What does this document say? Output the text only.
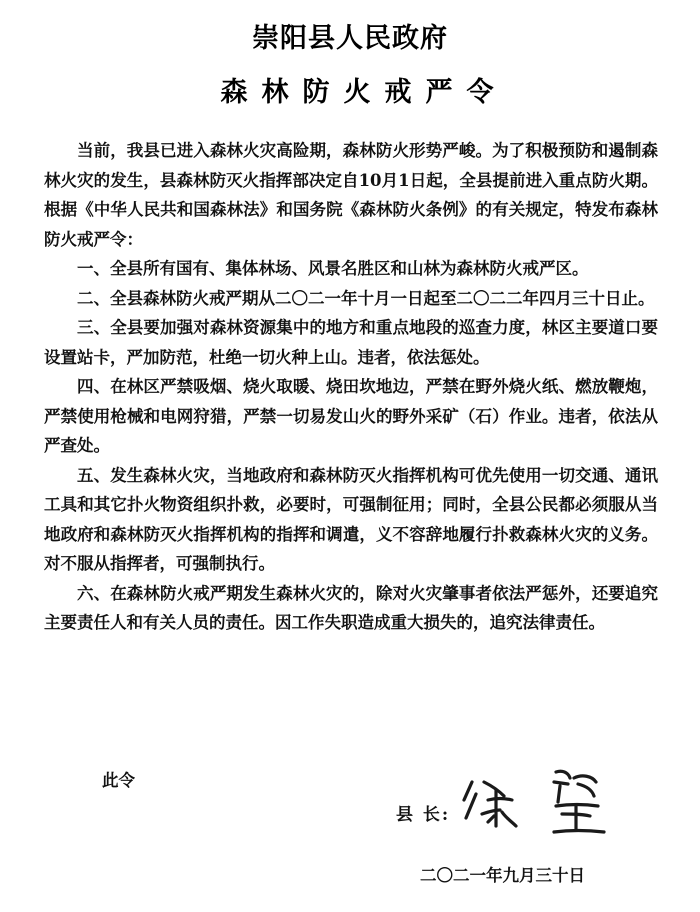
崇阳县人民政府
森林防火戒严令

当前，我县已进入森林火灾高险期，森林防火形势严峻。为了积极预防和遏制森林火灾的发生，县森林防灭火指挥部决定自10月1日起，全县提前进入重点防火期。根据《中华人民共和国森林法》和国务院《森林防火条例》的有关规定，特发布森林防火戒严令：

一、全县所有国有、集体林场、风景名胜区和山林为森林防火戒严区。

二、全县森林防火戒严期从二〇二一年十月一日起至二〇二二年四月三十日止。

三、全县要加强对森林资源集中的地方和重点地段的巡查力度，林区主要道口要设置站卡，严加防范，杜绝一切火种上山。违者，依法惩处。

四、在林区严禁吸烟、烧火取暖、烧田坎地边，严禁在野外烧火纸、燃放鞭炮，严禁使用枪械和电网狩猎，严禁一切易发山火的野外采矿（石）作业。违者，依法从严查处。

五、发生森林火灾，当地政府和森林防灭火指挥机构可优先使用一切交通、通讯工具和其它扑火物资组织扑救，必要时，可强制征用；同时，全县公民都必须服从当地政府和森林防灭火指挥机构的指挥和调遣，义不容辞地履行扑救森林火灾的义务。对不服从指挥者，可强制执行。

六、在森林防火戒严期发生森林火灾的，除对火灾肇事者依法严惩外，还要追究主要责任人和有关人员的责任。因工作失职造成重大损失的，追究法律责任。

此令
县 长:
二〇二一年九月三十日
